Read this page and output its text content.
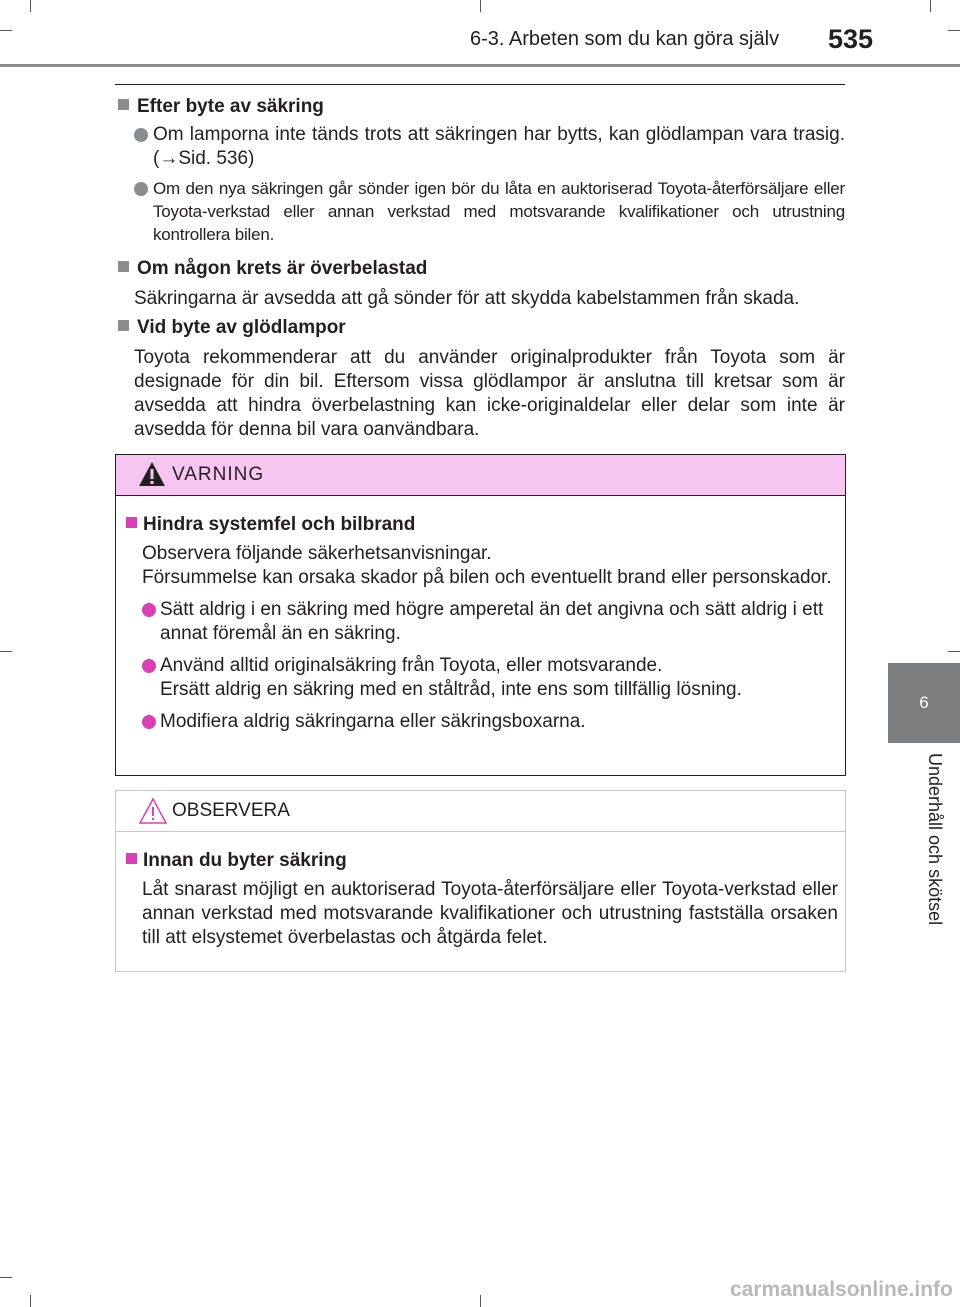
6-3. Arbeten som du kan göra själv 535
6
Underhåll och skötsel
Efter byte av säkring
Om lamporna inte tänds trots att säkringen har bytts, kan glödlampan vara trasig. (→Sid. 536)
Om den nya säkringen går sönder igen bör du låta en auktoriserad Toyota-återförsäljare eller Toyota-verkstad eller annan verkstad med motsvarande kvalifikationer och utrustning kontrollera bilen.
Om någon krets är överbelastad
Säkringarna är avsedda att gå sönder för att skydda kabelstammen från skada.
Vid byte av glödlampor
Toyota rekommenderar att du använder originalprodukter från Toyota som är designade för din bil. Eftersom vissa glödlampor är anslutna till kretsar som är avsedda att hindra överbelastning kan icke-originaldelar eller delar som inte är avsedda för denna bil vara oanvändbara.
VARNING
Hindra systemfel och bilbrand
Observera följande säkerhetsanvisningar.
Försummelse kan orsaka skador på bilen och eventuellt brand eller personskador.
Sätt aldrig i en säkring med högre amperetal än det angivna och sätt aldrig i ett annat föremål än en säkring.
Använd alltid originalsäkring från Toyota, eller motsvarande.
Ersätt aldrig en säkring med en ståltråd, inte ens som tillfällig lösning.
Modifiera aldrig säkringarna eller säkringsboxarna.
OBSERVERA
Innan du byter säkring
Låt snarast möjligt en auktoriserad Toyota-återförsäljare eller Toyota-verkstad eller annan verkstad med motsvarande kvalifikationer och utrustning fastställa orsaken till att elsystemet överbelastas och åtgärda felet.
carmanualsonline.info
